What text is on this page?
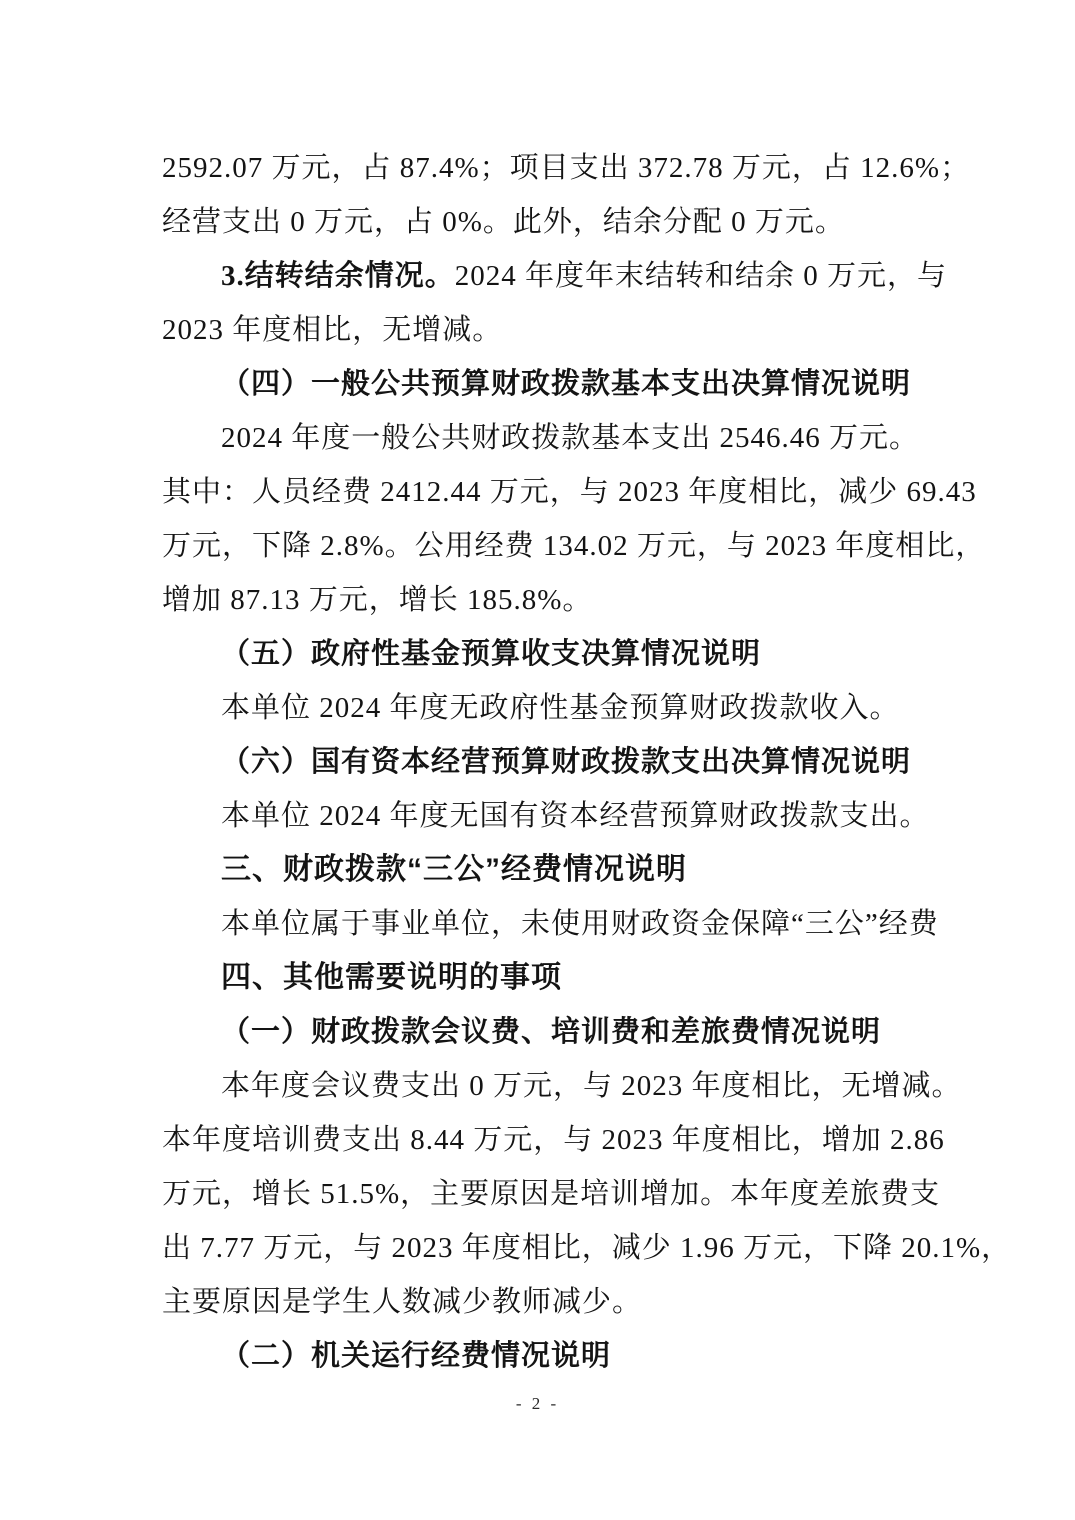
2592.07 万元，占 87.4%；项目支出 372.78 万元，占 12.6%；
经营支出 0 万元，占 0%。此外，结余分配 0 万元。
3.结转结余情况。2024 年度年末结转和结余 0 万元，与
2023 年度相比，无增减。
（四）一般公共预算财政拨款基本支出决算情况说明
2024 年度一般公共财政拨款基本支出 2546.46 万元。
其中：人员经费 2412.44 万元，与 2023 年度相比，减少 69.43
万元，下降 2.8%。公用经费 134.02 万元，与 2023 年度相比，
增加 87.13 万元，增长 185.8%。
（五）政府性基金预算收支决算情况说明
本单位 2024 年度无政府性基金预算财政拨款收入。
（六）国有资本经营预算财政拨款支出决算情况说明
本单位 2024 年度无国有资本经营预算财政拨款支出。
三、财政拨款“三公”经费情况说明
本单位属于事业单位，未使用财政资金保障“三公”经费
四、其他需要说明的事项
（一）财政拨款会议费、培训费和差旅费情况说明
本年度会议费支出 0 万元，与 2023 年度相比，无增减。
本年度培训费支出 8.44 万元，与 2023 年度相比，增加 2.86
万元，增长 51.5%，主要原因是培训增加。本年度差旅费支
出 7.77 万元，与 2023 年度相比，减少 1.96 万元，下降 20.1%，
主要原因是学生人数减少教师减少。
（二）机关运行经费情况说明
- 2 -
